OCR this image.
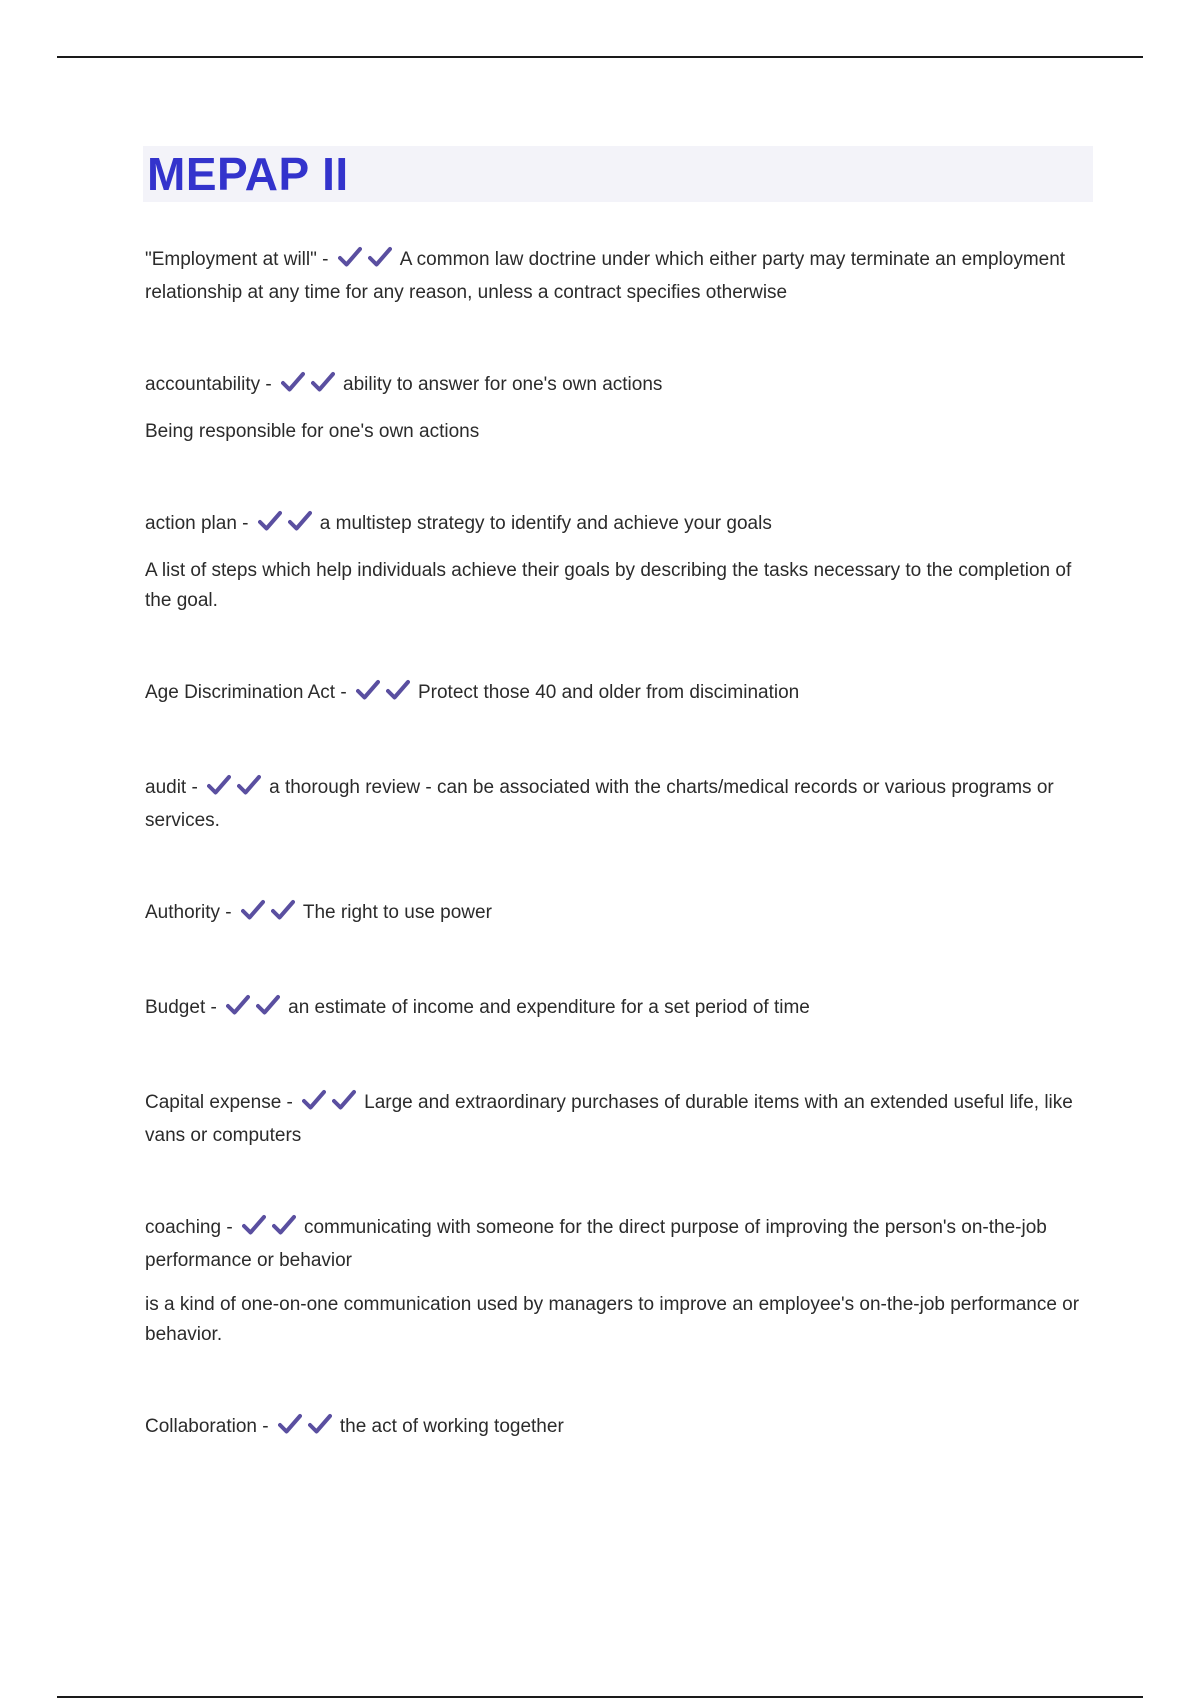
MEPAP II

"Employment at will" -	A common law doctrine under which either party may terminate an employment relationship at any time for any reason, unless a contract specifies otherwise

accountability -	ability to answer for one's own actions

Being responsible for one's own actions

action plan -	a multistep strategy to identify and achieve your goals

A list of steps which help individuals achieve their goals by describing the tasks necessary to the completion of the goal.

Age Discrimination Act -	Protect those 40 and older from discimination

audit -	a thorough review - can be associated with the charts/medical records or various programs or services.

Authority -	The right to use power

Budget -	an estimate of income and expenditure for a set period of time

Capital expense -	Large and extraordinary purchases of durable items with an extended useful life, like vans or computers

coaching -	communicating with someone for the direct purpose of improving the person's on-the-job performance or behavior

is a kind of one-on-one communication used by managers to improve an employee's on-the-job performance or behavior.

Collaboration -	the act of working together
